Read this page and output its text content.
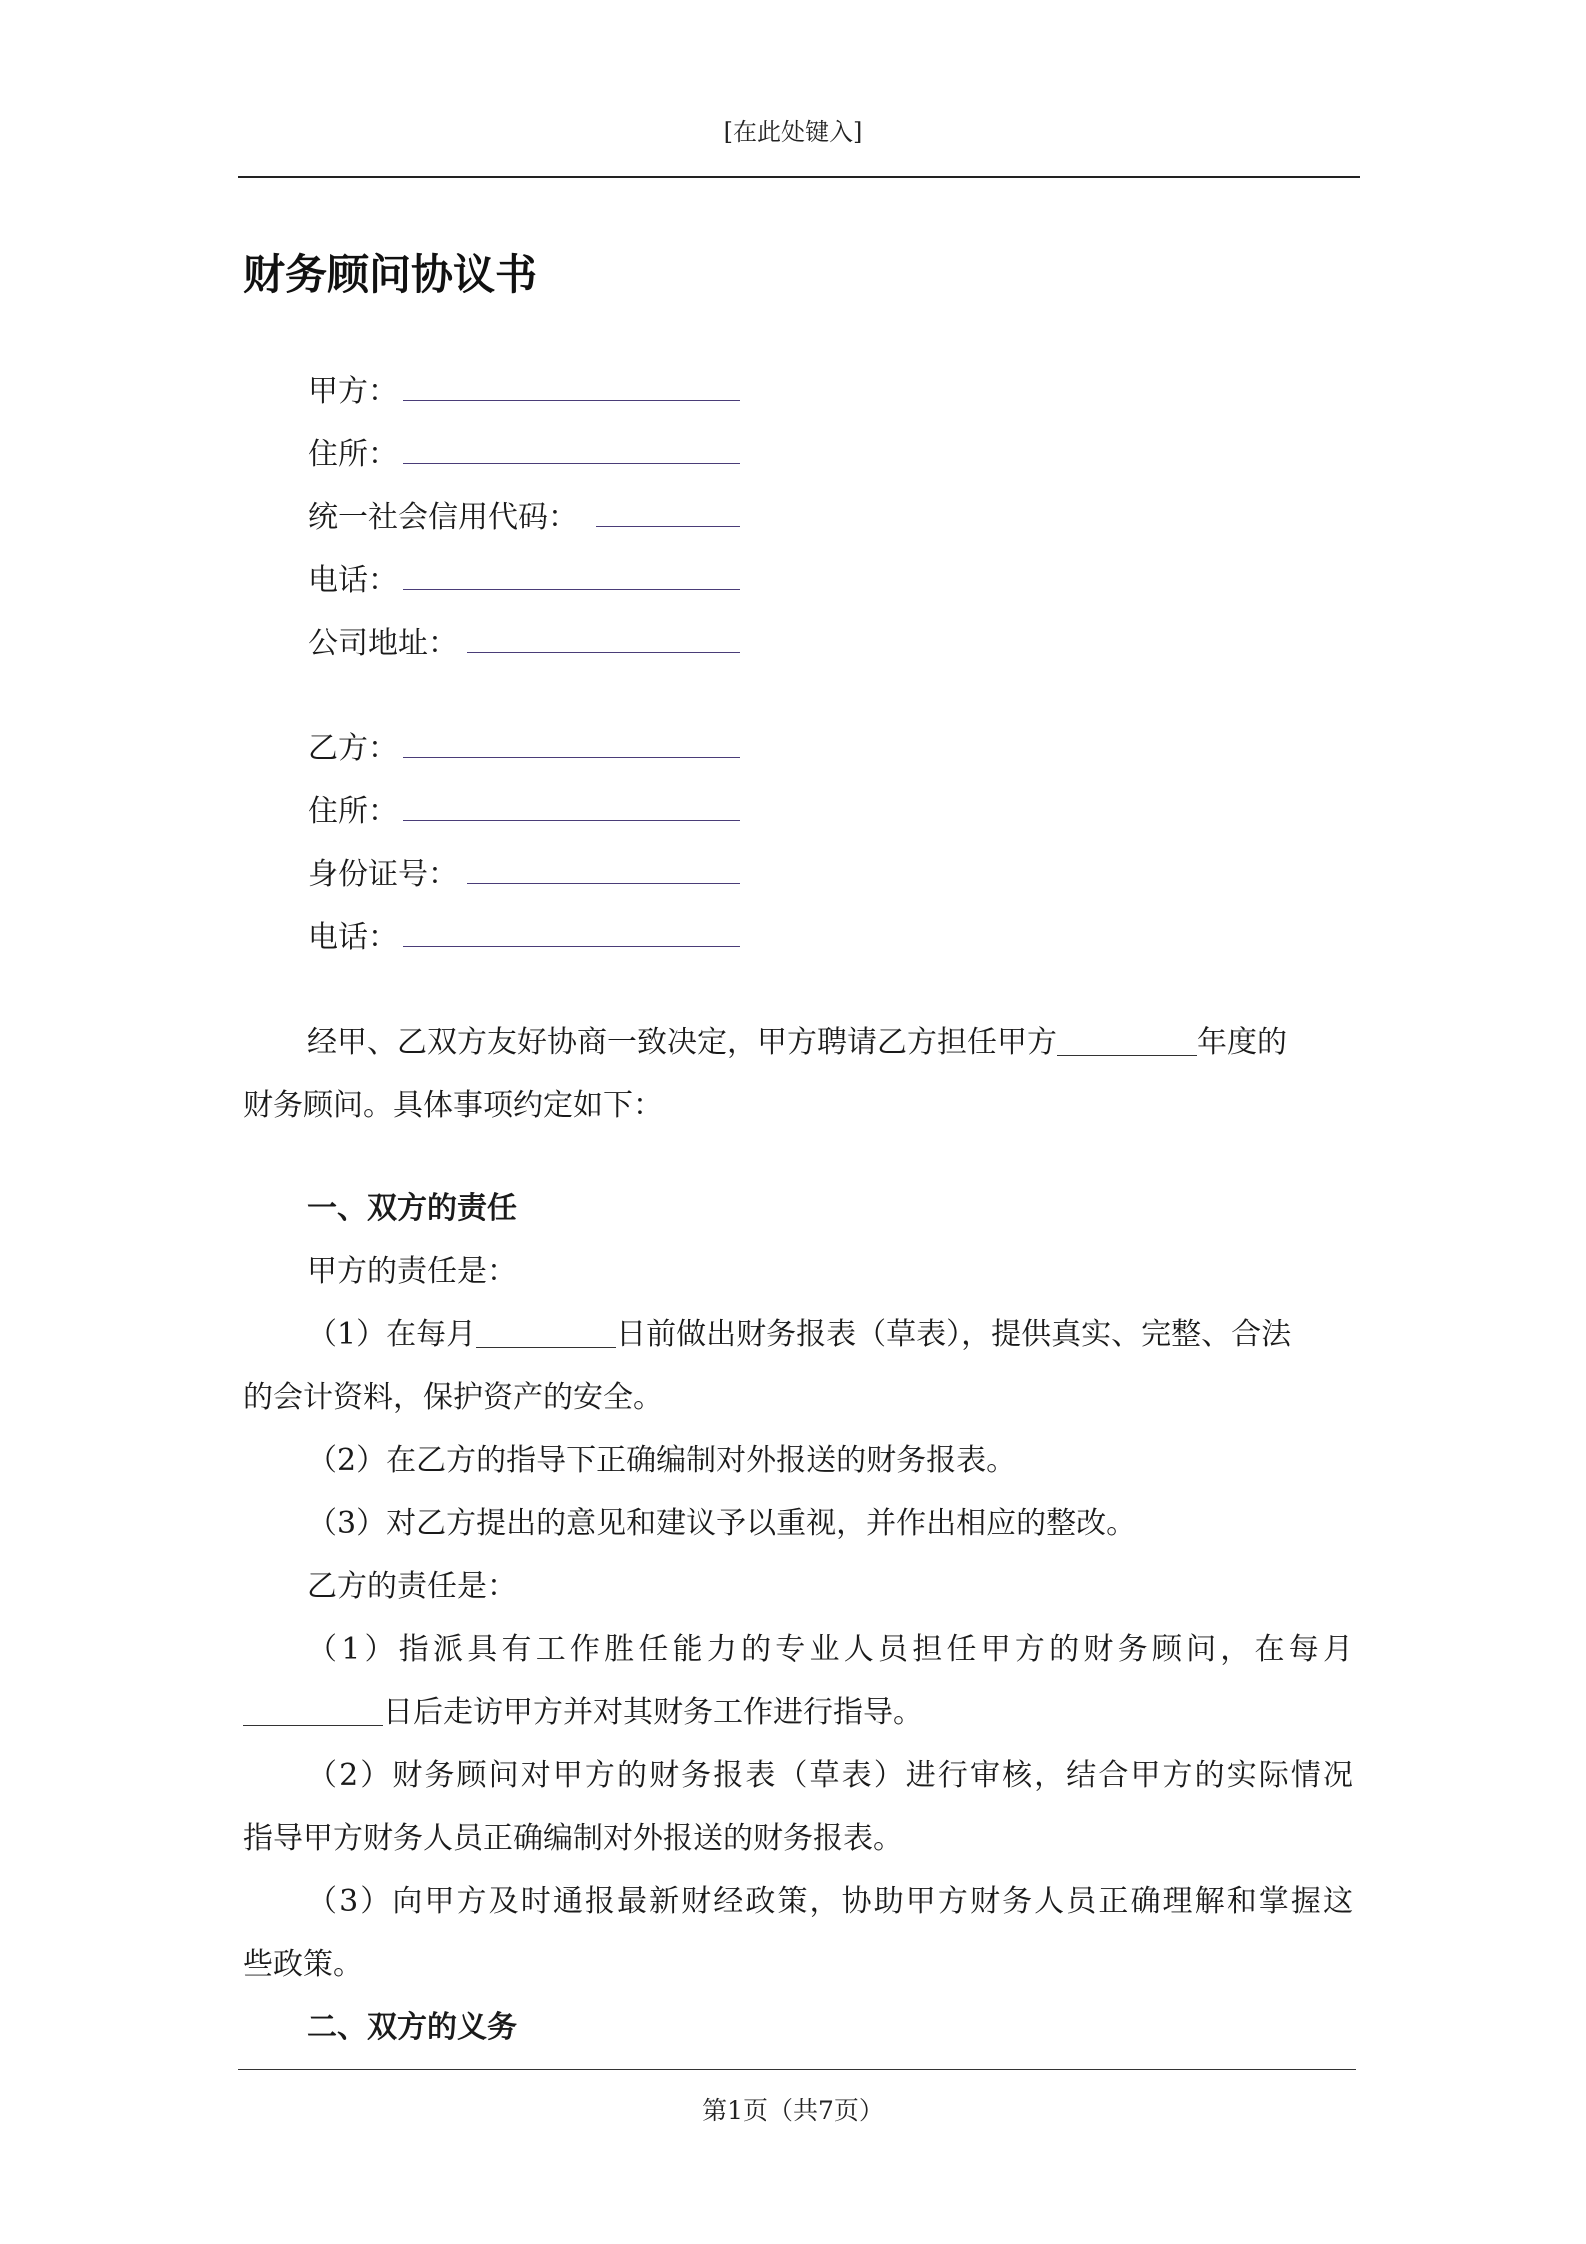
[在此处键入]
财务顾问协议书
甲方：
住所：
统一社会信用代码：
电话：
公司地址：
乙方：
住所：
身份证号：
电话：
经甲、乙双方友好协商一致决定，甲方聘请乙方担任甲方	年度的
财务顾问。具体事项约定如下：
一、双方的责任
甲方的责任是：
（1）在每月	日前做出财务报表（草表），提供真实、完整、合法
的会计资料，保护资产的安全。
（2）在乙方的指导下正确编制对外报送的财务报表。
（3）对乙方提出的意见和建议予以重视，并作出相应的整改。
乙方的责任是：
（1）指派具有工作胜任能力的专业人员担任甲方的财务顾问，在每月
日后走访甲方并对其财务工作进行指导。
（2）财务顾问对甲方的财务报表（草表）进行审核，结合甲方的实际情况
指导甲方财务人员正确编制对外报送的财务报表。
（3）向甲方及时通报最新财经政策，协助甲方财务人员正确理解和掌握这
些政策。
二、双方的义务
第1页（共7页）
